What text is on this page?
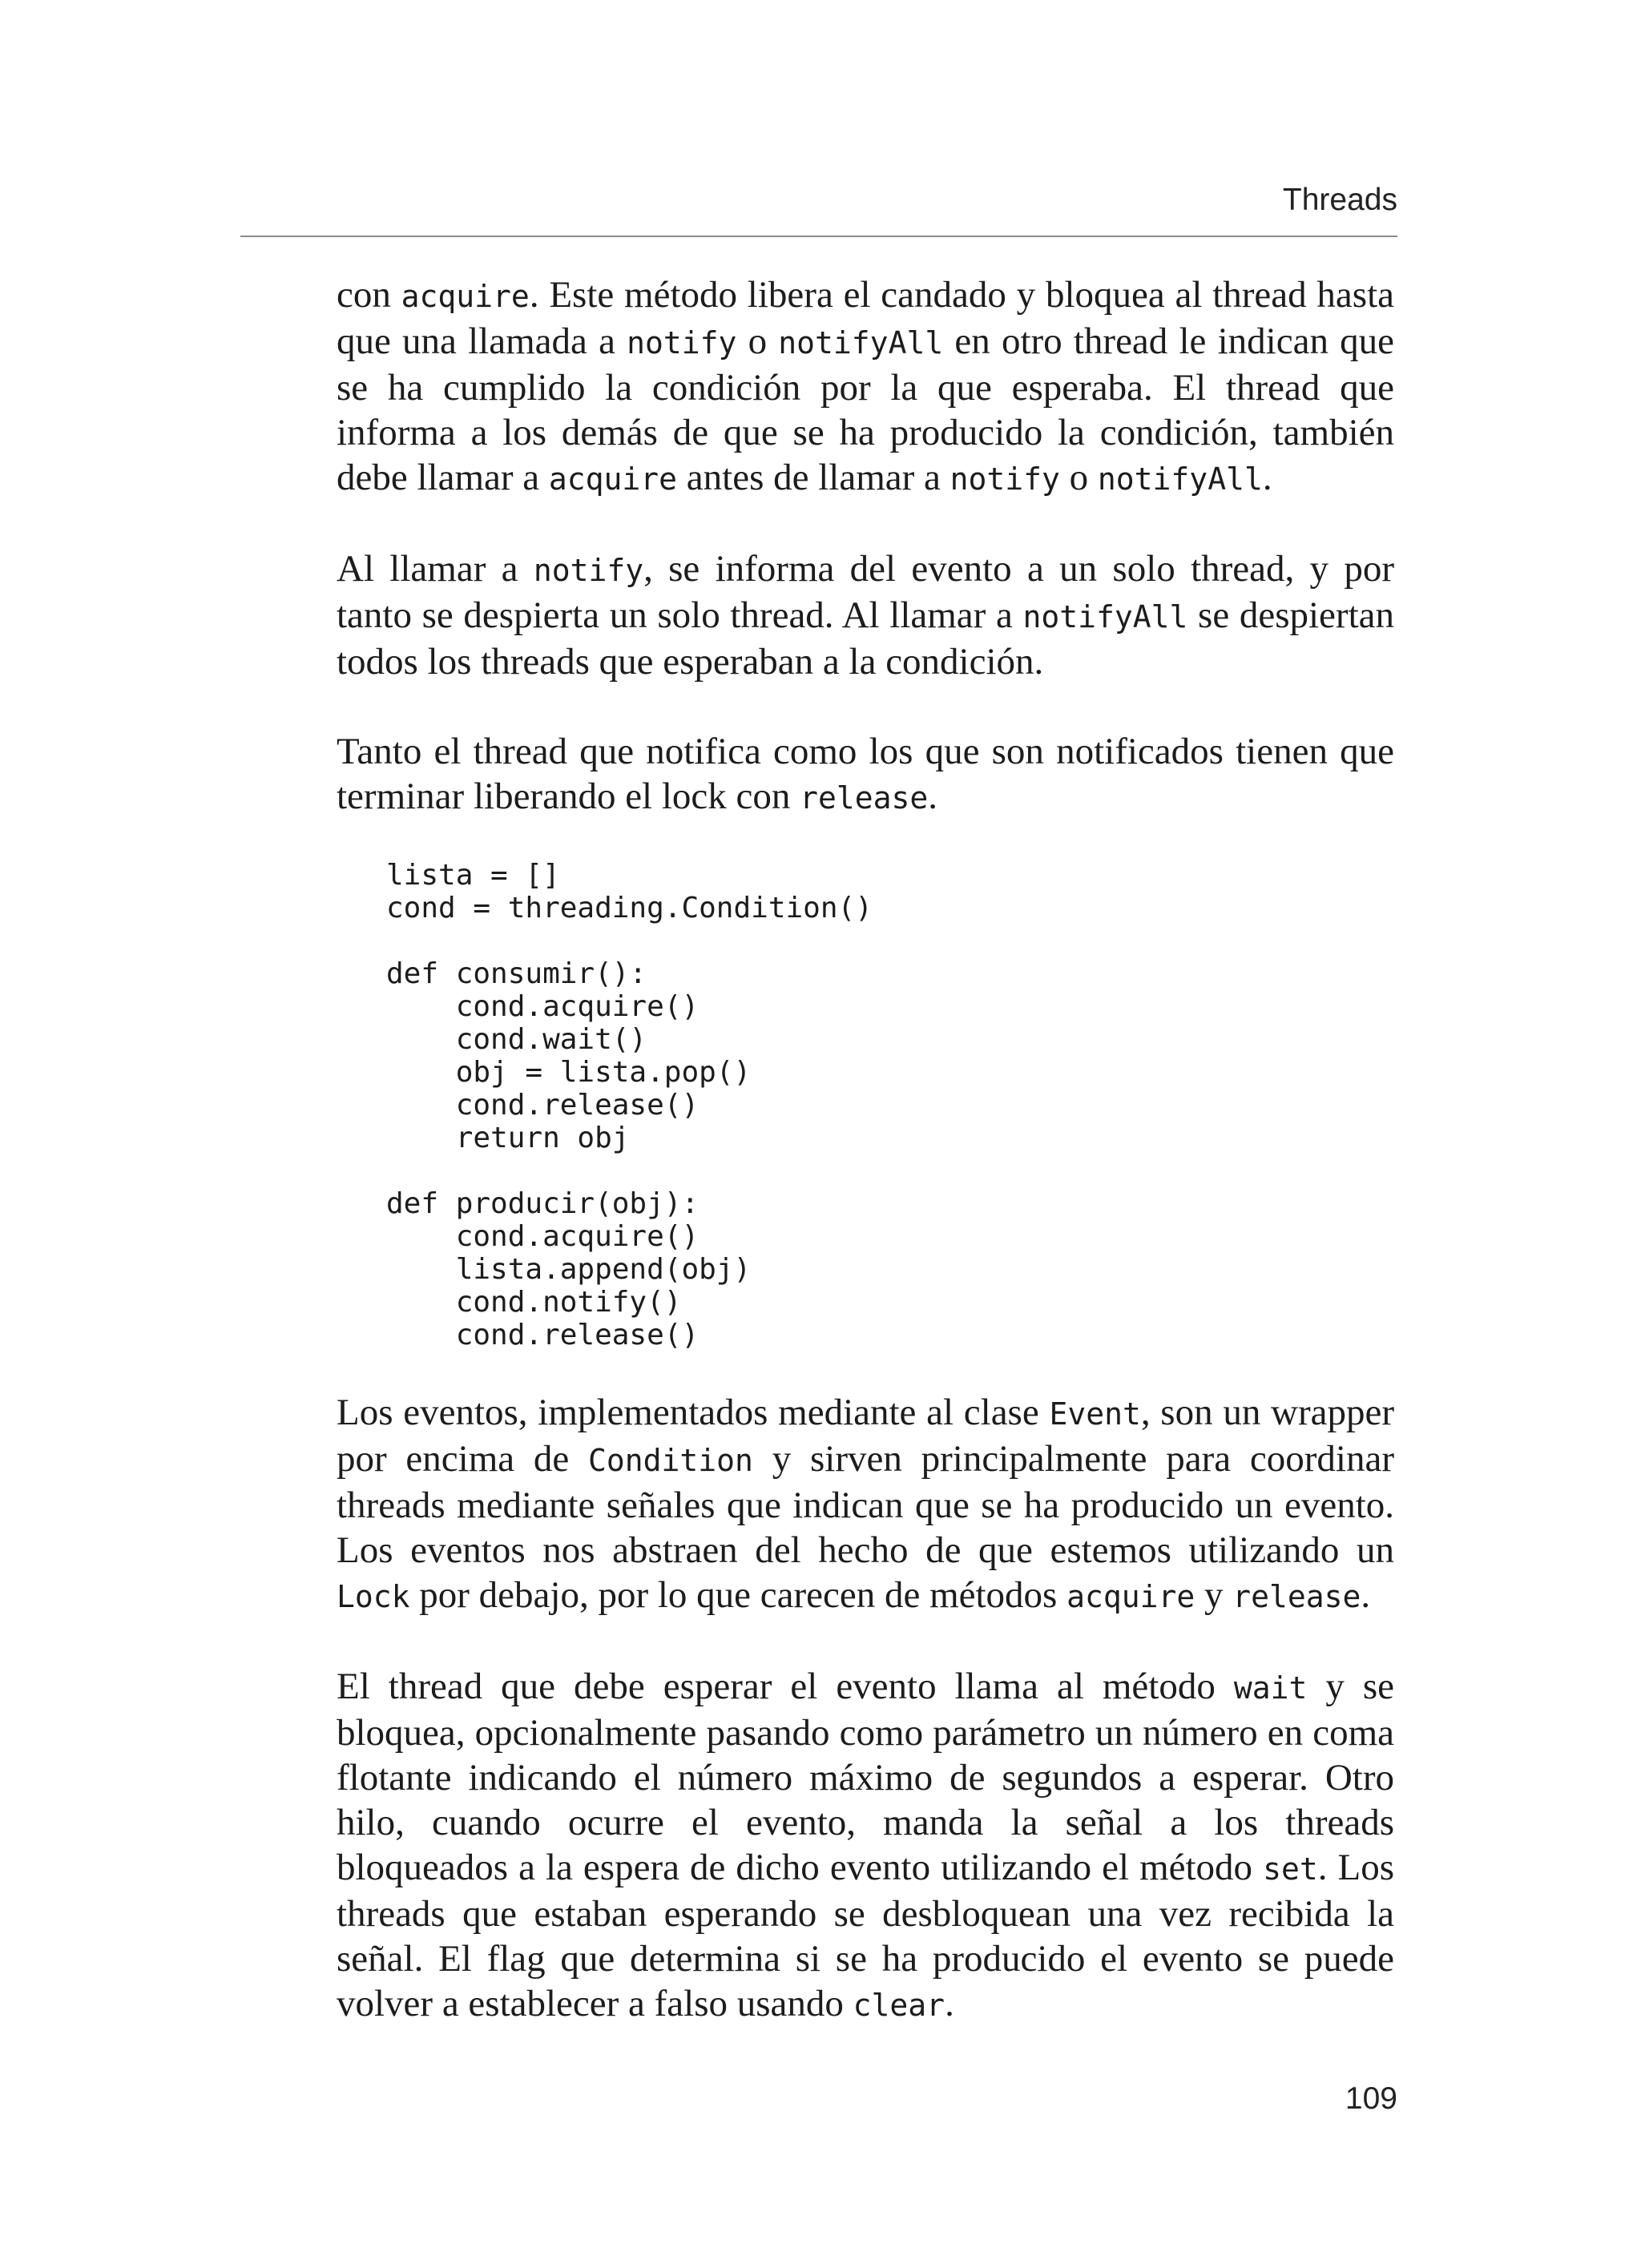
Threads

con acquire. Este método libera el candado y bloquea al thread hasta que una llamada a notify o notifyAll en otro thread le indican que se ha cumplido la condición por la que esperaba. El thread que informa a los demás de que se ha producido la condición, también debe llamar a acquire antes de llamar a notify o notifyAll.

Al llamar a notify, se informa del evento a un solo thread, y por tanto se despierta un solo thread. Al llamar a notifyAll se despiertan todos los threads que esperaban a la condición.

Tanto el thread que notifica como los que son notificados tienen que terminar liberando el lock con release.

lista = []
cond = threading.Condition()
def consumir():
cond.acquire()
cond.wait()
obj = lista.pop()
cond.release()
return obj
def producir(obj):
cond.acquire()
lista.append(obj)
cond.notify()
cond.release()

Los eventos, implementados mediante al clase Event, son un wrapper por encima de Condition y sirven principalmente para coordinar threads mediante señales que indican que se ha producido un evento. Los eventos nos abstraen del hecho de que estemos utilizando un Lock por debajo, por lo que carecen de métodos acquire y release.

El thread que debe esperar el evento llama al método wait y se bloquea, opcionalmente pasando como parámetro un número en coma flotante indicando el número máximo de segundos a esperar. Otro hilo, cuando ocurre el evento, manda la señal a los threads bloqueados a la espera de dicho evento utilizando el método set. Los threads que estaban esperando se desbloquean una vez recibida la señal. El flag que determina si se ha producido el evento se puede volver a establecer a falso usando clear.

109
